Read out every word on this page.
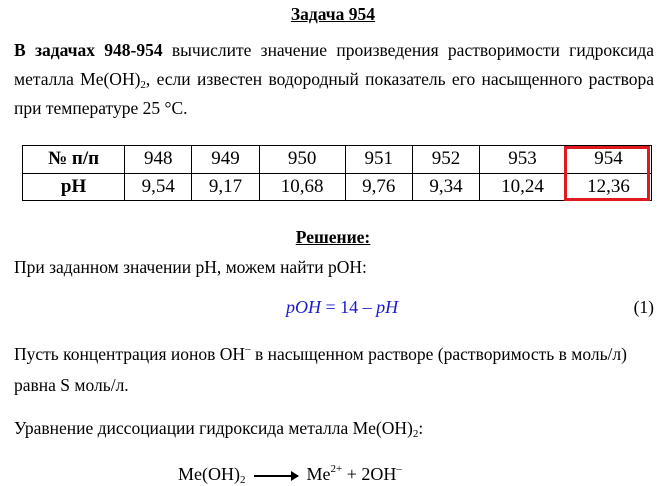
Задача 954
В задачах 948-954 вычислите значение произведения растворимости гидроксида металла $Me(OH)_2$, если известен водородный показатель его насыщенного раствора при температуре 25 °С.
№ п/п	948	949	950	951	952	953	954
pH	9,54	9,17	10,68	9,76	9,34	10,24	12,36
Решение:
При заданном значении pH, можем найти pOH:
pOH = 14 – pH	(1)
Пусть концентрация ионов OH– в насыщенном растворе (растворимость в моль/л)
равна S моль/л.
Уравнение диссоциации гидроксида металла $Me(OH)_2$:
$Me(OH)_2 \to Me^{2+} + 2OH^-$
